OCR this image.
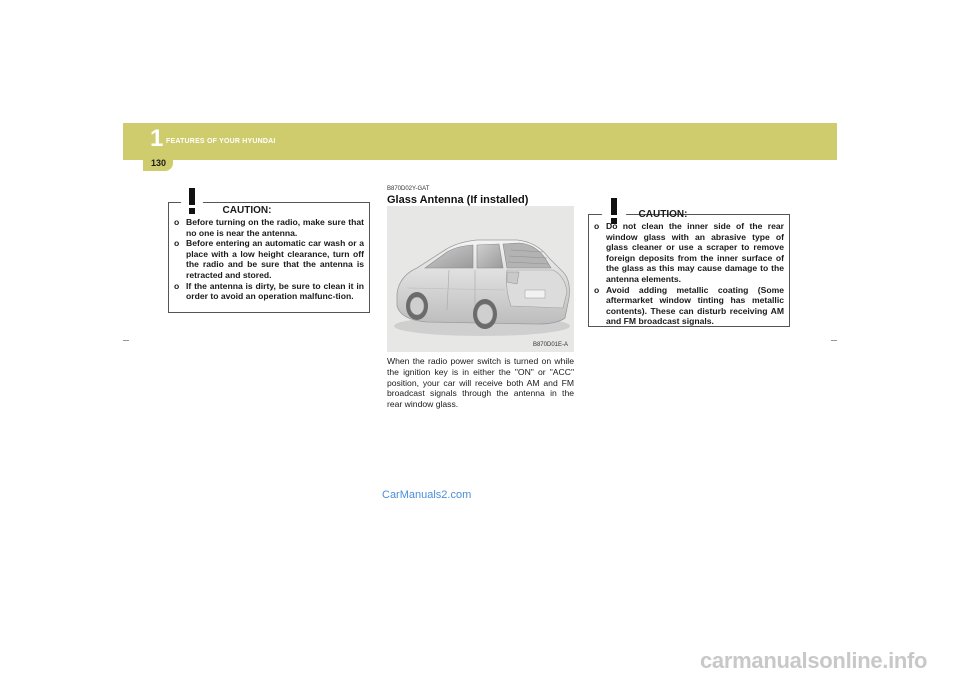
1 FEATURES OF YOUR HYUNDAI
130
CAUTION:
o Before turning on the radio, make sure that no one is near the antenna.
o Before entering an automatic car wash or a place with a low height clearance, turn off the radio and be sure that the antenna is retracted and stored.
o If the antenna is dirty, be sure to clean it in order to avoid an operation malfunc-tion.
B870D02Y-GAT
Glass Antenna (If installed)
B870D01E-A
When the radio power switch is turned on while the ignition key is in either the "ON" or "ACC" position, your car will receive both AM and FM broadcast signals through the antenna in the rear window glass.
CAUTION:
o Do not clean the inner side of the rear window glass with an abrasive type of glass cleaner or use a scraper to remove foreign deposits from the inner surface of the glass as this may cause damage to the antenna elements.
o Avoid adding metallic coating (Some aftermarket window tinting has metallic contents). These can disturb receiving AM and FM broadcast signals.
CarManuals2.com
carmanualsonline.info
